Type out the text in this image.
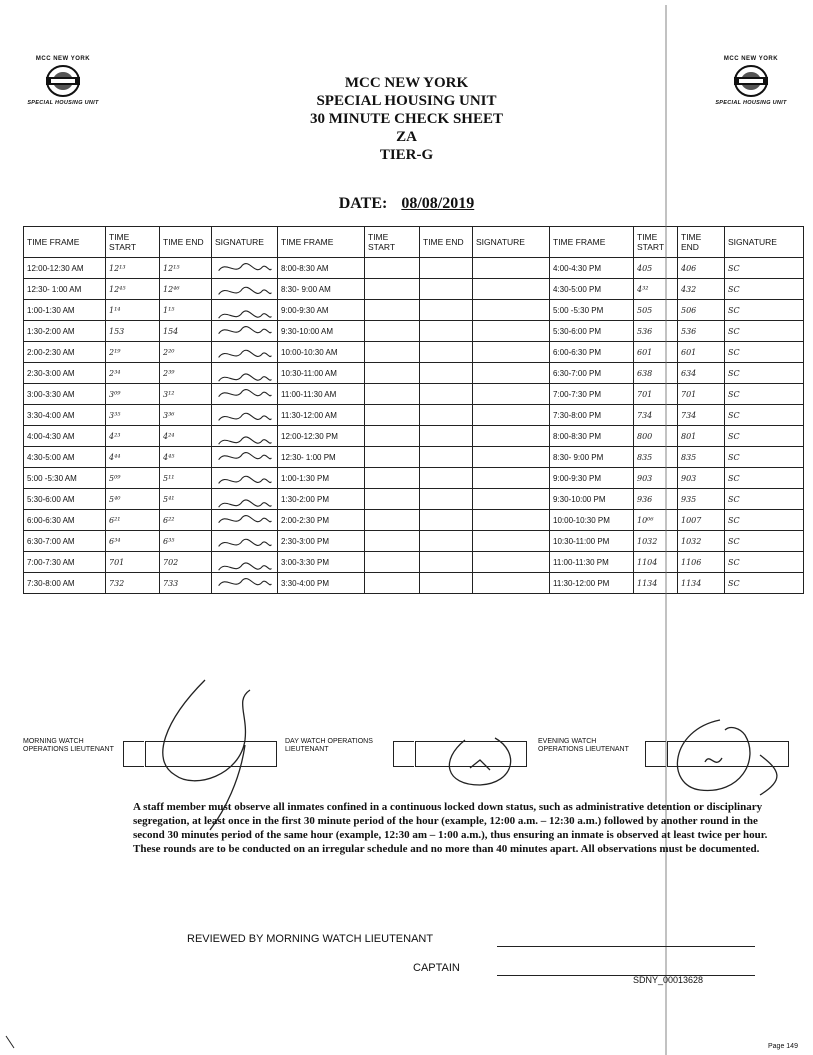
MCC NEW YORK
SPECIAL HOUSING UNIT
MCC NEW YORK
SPECIAL HOUSING UNIT
MCC NEW YORK
SPECIAL HOUSING UNIT
30 MINUTE CHECK SHEET
ZA
TIER-G
DATE: 08/08/2019
TIME FRAME	TIME START	TIME END	SIGNATURE	TIME FRAME	TIME START	TIME END	SIGNATURE	TIME FRAME	TIME START	TIME END	SIGNATURE
12:00-12:30 AM	12¹³	12¹⁵		8:00-8:30 AM				4:00-4:30 PM	405	406	SC
12:30- 1:00 AM	12⁴⁵	12⁴⁶		8:30- 9:00 AM				4:30-5:00 PM	4³²	432	SC
1:00-1:30 AM	1¹⁴	1¹⁵		9:00-9:30 AM				5:00 -5:30 PM	505	506	SC
1:30-2:00 AM	153	154		9:30-10:00 AM				5:30-6:00 PM	536	536	SC
2:00-2:30 AM	2¹⁹	2²⁰		10:00-10:30 AM				6:00-6:30 PM	601	601	SC
2:30-3:00 AM	2³⁴	2³⁹		10:30-11:00 AM				6:30-7:00 PM	638	634	SC
3:00-3:30 AM	3⁰⁹	3¹²		11:00-11:30 AM				7:00-7:30 PM	701	701	SC
3:30-4:00 AM	3³⁵	3³⁶		11:30-12:00 AM				7:30-8:00 PM	734	734	SC
4:00-4:30 AM	4²³	4²⁴		12:00-12:30 PM				8:00-8:30 PM	800	801	SC
4:30-5:00 AM	4⁴⁴	4⁴⁵		12:30- 1:00 PM				8:30- 9:00 PM	835	835	SC
5:00 -5:30 AM	5⁰⁹	5¹¹		1:00-1:30 PM				9:00-9:30 PM	903	903	SC
5:30-6:00 AM	5⁴⁰	5⁴¹		1:30-2:00 PM				9:30-10:00 PM	936	935	SC
6:00-6:30 AM	6²¹	6²²		2:00-2:30 PM				10:00-10:30 PM	10⁰⁶	1007	SC
6:30-7:00 AM	6³⁴	6³⁵		2:30-3:00 PM				10:30-11:00 PM	1032	1032	SC
7:00-7:30 AM	701	702		3:00-3:30 PM				11:00-11:30 PM	1104	1106	SC
7:30-8:00 AM	732	733		3:30-4:00 PM				11:30-12:00 PM	1134	1134	SC
MORNING WATCH OPERATIONS LIEUTENANT
DAY WATCH OPERATIONS LIEUTENANT
EVENING WATCH OPERATIONS LIEUTENANT
A staff member must observe all inmates confined in a continuous locked down status, such as administrative detention or disciplinary segregation, at least once in the first 30 minute period of the hour (example, 12:00 a.m. – 12:30 a.m.) followed by another round in the second 30 minutes period of the same hour (example, 12:30 am – 1:00 a.m.), thus ensuring an inmate is observed at least twice per hour. These rounds are to be conducted on an irregular schedule and no more than 40 minutes apart. All observations must be documented.
REVIEWED BY MORNING WATCH LIEUTENANT
CAPTAIN
SDNY_00013628
Page 149
